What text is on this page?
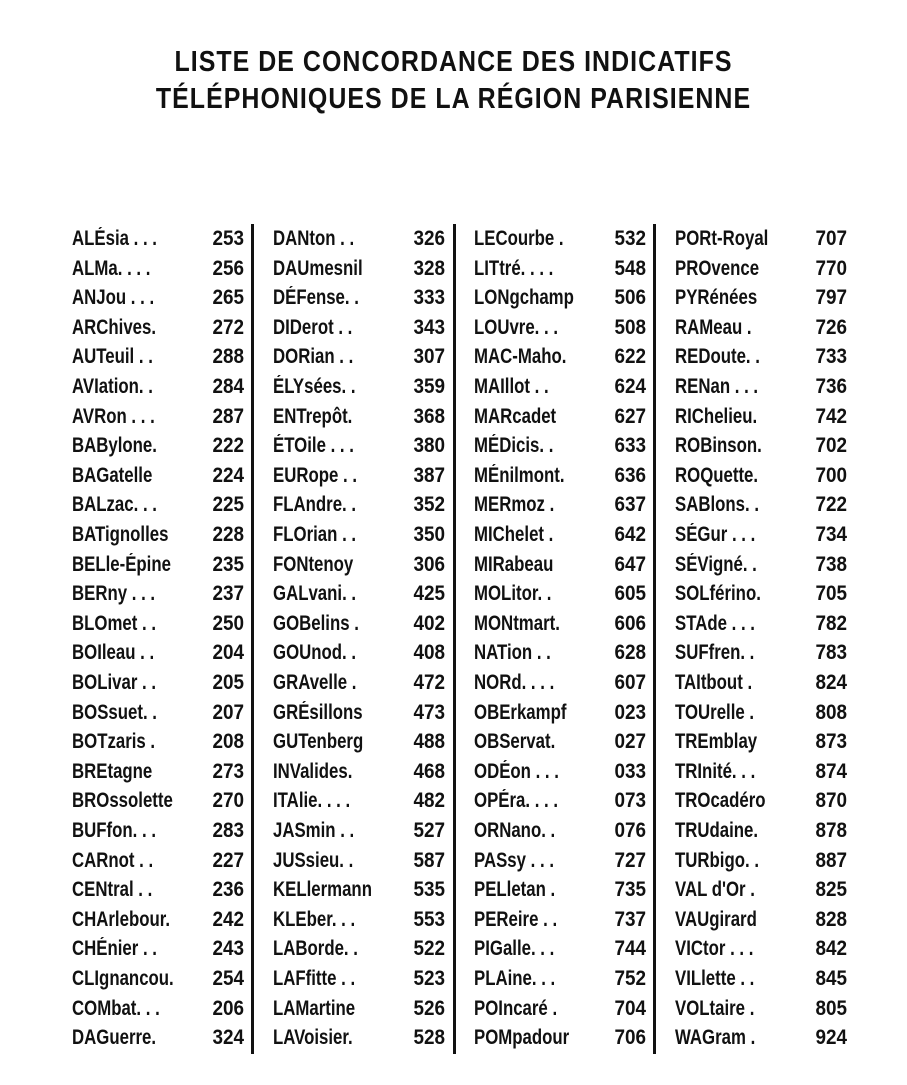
LISTE DE CONCORDANCE DES INDICATIFS
TÉLÉPHONIQUES DE LA RÉGION PARISIENNE
ALÉsia . . .	253
ALMa. . . .	256
ANJou . . .	265
ARChives.	272
AUTeuil . .	288
AVIation. .	284
AVRon . . .	287
BABylone.	222
BAGatelle	224
BALzac. . .	225
BATignolles	228
BELle-Épine	235
BERny . . .	237
BLOmet . .	250
BOIleau . .	204
BOLivar . .	205
BOSsuet. .	207
BOTzaris .	208
BREtagne	273
BROssolette	270
BUFfon. . .	283
CARnot . .	227
CENtral . .	236
CHArlebour.	242
CHÉnier . .	243
CLIgnancou.	254
COMbat. . .	206
DAGuerre.	324
DANton . .	326
DAUmesnil	328
DÉFense. .	333
DIDerot . .	343
DORian . .	307
ÉLYsées. .	359
ENTrepôt.	368
ÉTOile . . .	380
EURope . .	387
FLAndre. .	352
FLOrian . .	350
FONtenoy	306
GALvani. .	425
GOBelins .	402
GOUnod. .	408
GRAvelle .	472
GRÉsillons	473
GUTenberg	488
INValides.	468
ITAlie. . . .	482
JASmin . .	527
JUSsieu. .	587
KELlermann	535
KLEber. . .	553
LABorde. .	522
LAFfitte . .	523
LAMartine	526
LAVoisier.	528
LECourbe .	532
LITtré. . . .	548
LONgchamp	506
LOUvre. . .	508
MAC-Maho.	622
MAIllot . .	624
MARcadet	627
MÉDicis. .	633
MÉnilmont.	636
MERmoz .	637
MIChelet .	642
MIRabeau	647
MOLitor. .	605
MONtmart.	606
NATion . .	628
NORd. . . .	607
OBErkampf	023
OBServat.	027
ODÉon . . .	033
OPÉra. . . .	073
ORNano. .	076
PASsy . . .	727
PELletan .	735
PEReire . .	737
PIGalle. . .	744
PLAine. . .	752
POIncaré .	704
POMpadour	706
PORt-Royal	707
PROvence	770
PYRénées	797
RAMeau .	726
REDoute. .	733
RENan . . .	736
RIChelieu.	742
ROBinson.	702
ROQuette.	700
SABlons. .	722
SÉGur . . .	734
SÉVigné. .	738
SOLférino.	705
STAde . . .	782
SUFfren. .	783
TAItbout .	824
TOUrelle .	808
TREmblay	873
TRInité. . .	874
TROcadéro	870
TRUdaine.	878
TURbigo. .	887
VAL d'Or .	825
VAUgirard	828
VICtor . . .	842
VILlette . .	845
VOLtaire .	805
WAGram .	924
